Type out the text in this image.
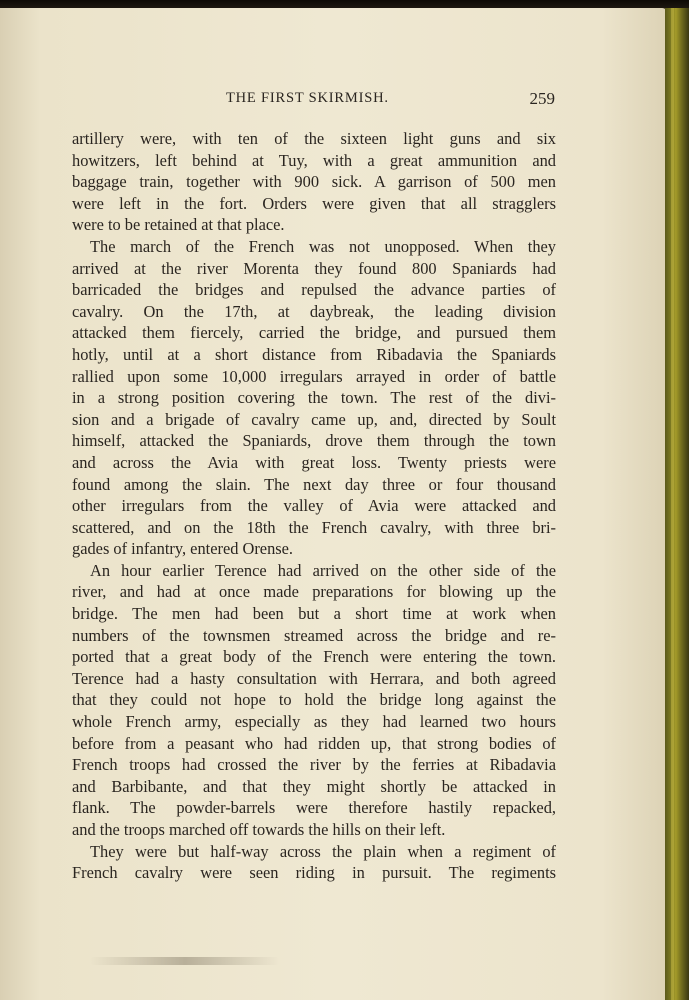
THE FIRST SKIRMISH.	259
artillery were, with ten of the sixteen light guns and six
howitzers, left behind at Tuy, with a great ammunition and
baggage train, together with 900 sick. A garrison of 500 men
were left in the fort. Orders were given that all stragglers
were to be retained at that place.
The march of the French was not unopposed. When they
arrived at the river Morenta they found 800 Spaniards had
barricaded the bridges and repulsed the advance parties of
cavalry. On the 17th, at daybreak, the leading division
attacked them fiercely, carried the bridge, and pursued them
hotly, until at a short distance from Ribadavia the Spaniards
rallied upon some 10,000 irregulars arrayed in order of battle
in a strong position covering the town. The rest of the divi-
sion and a brigade of cavalry came up, and, directed by Soult
himself, attacked the Spaniards, drove them through the town
and across the Avia with great loss. Twenty priests were
found among the slain. The next day three or four thousand
other irregulars from the valley of Avia were attacked and
scattered, and on the 18th the French cavalry, with three bri-
gades of infantry, entered Orense.
An hour earlier Terence had arrived on the other side of the
river, and had at once made preparations for blowing up the
bridge. The men had been but a short time at work when
numbers of the townsmen streamed across the bridge and re-
ported that a great body of the French were entering the town.
Terence had a hasty consultation with Herrara, and both agreed
that they could not hope to hold the bridge long against the
whole French army, especially as they had learned two hours
before from a peasant who had ridden up, that strong bodies of
French troops had crossed the river by the ferries at Ribadavia
and Barbibante, and that they might shortly be attacked in
flank. The powder-barrels were therefore hastily repacked,
and the troops marched off towards the hills on their left.
They were but half-way across the plain when a regiment of
French cavalry were seen riding in pursuit. The regiments
